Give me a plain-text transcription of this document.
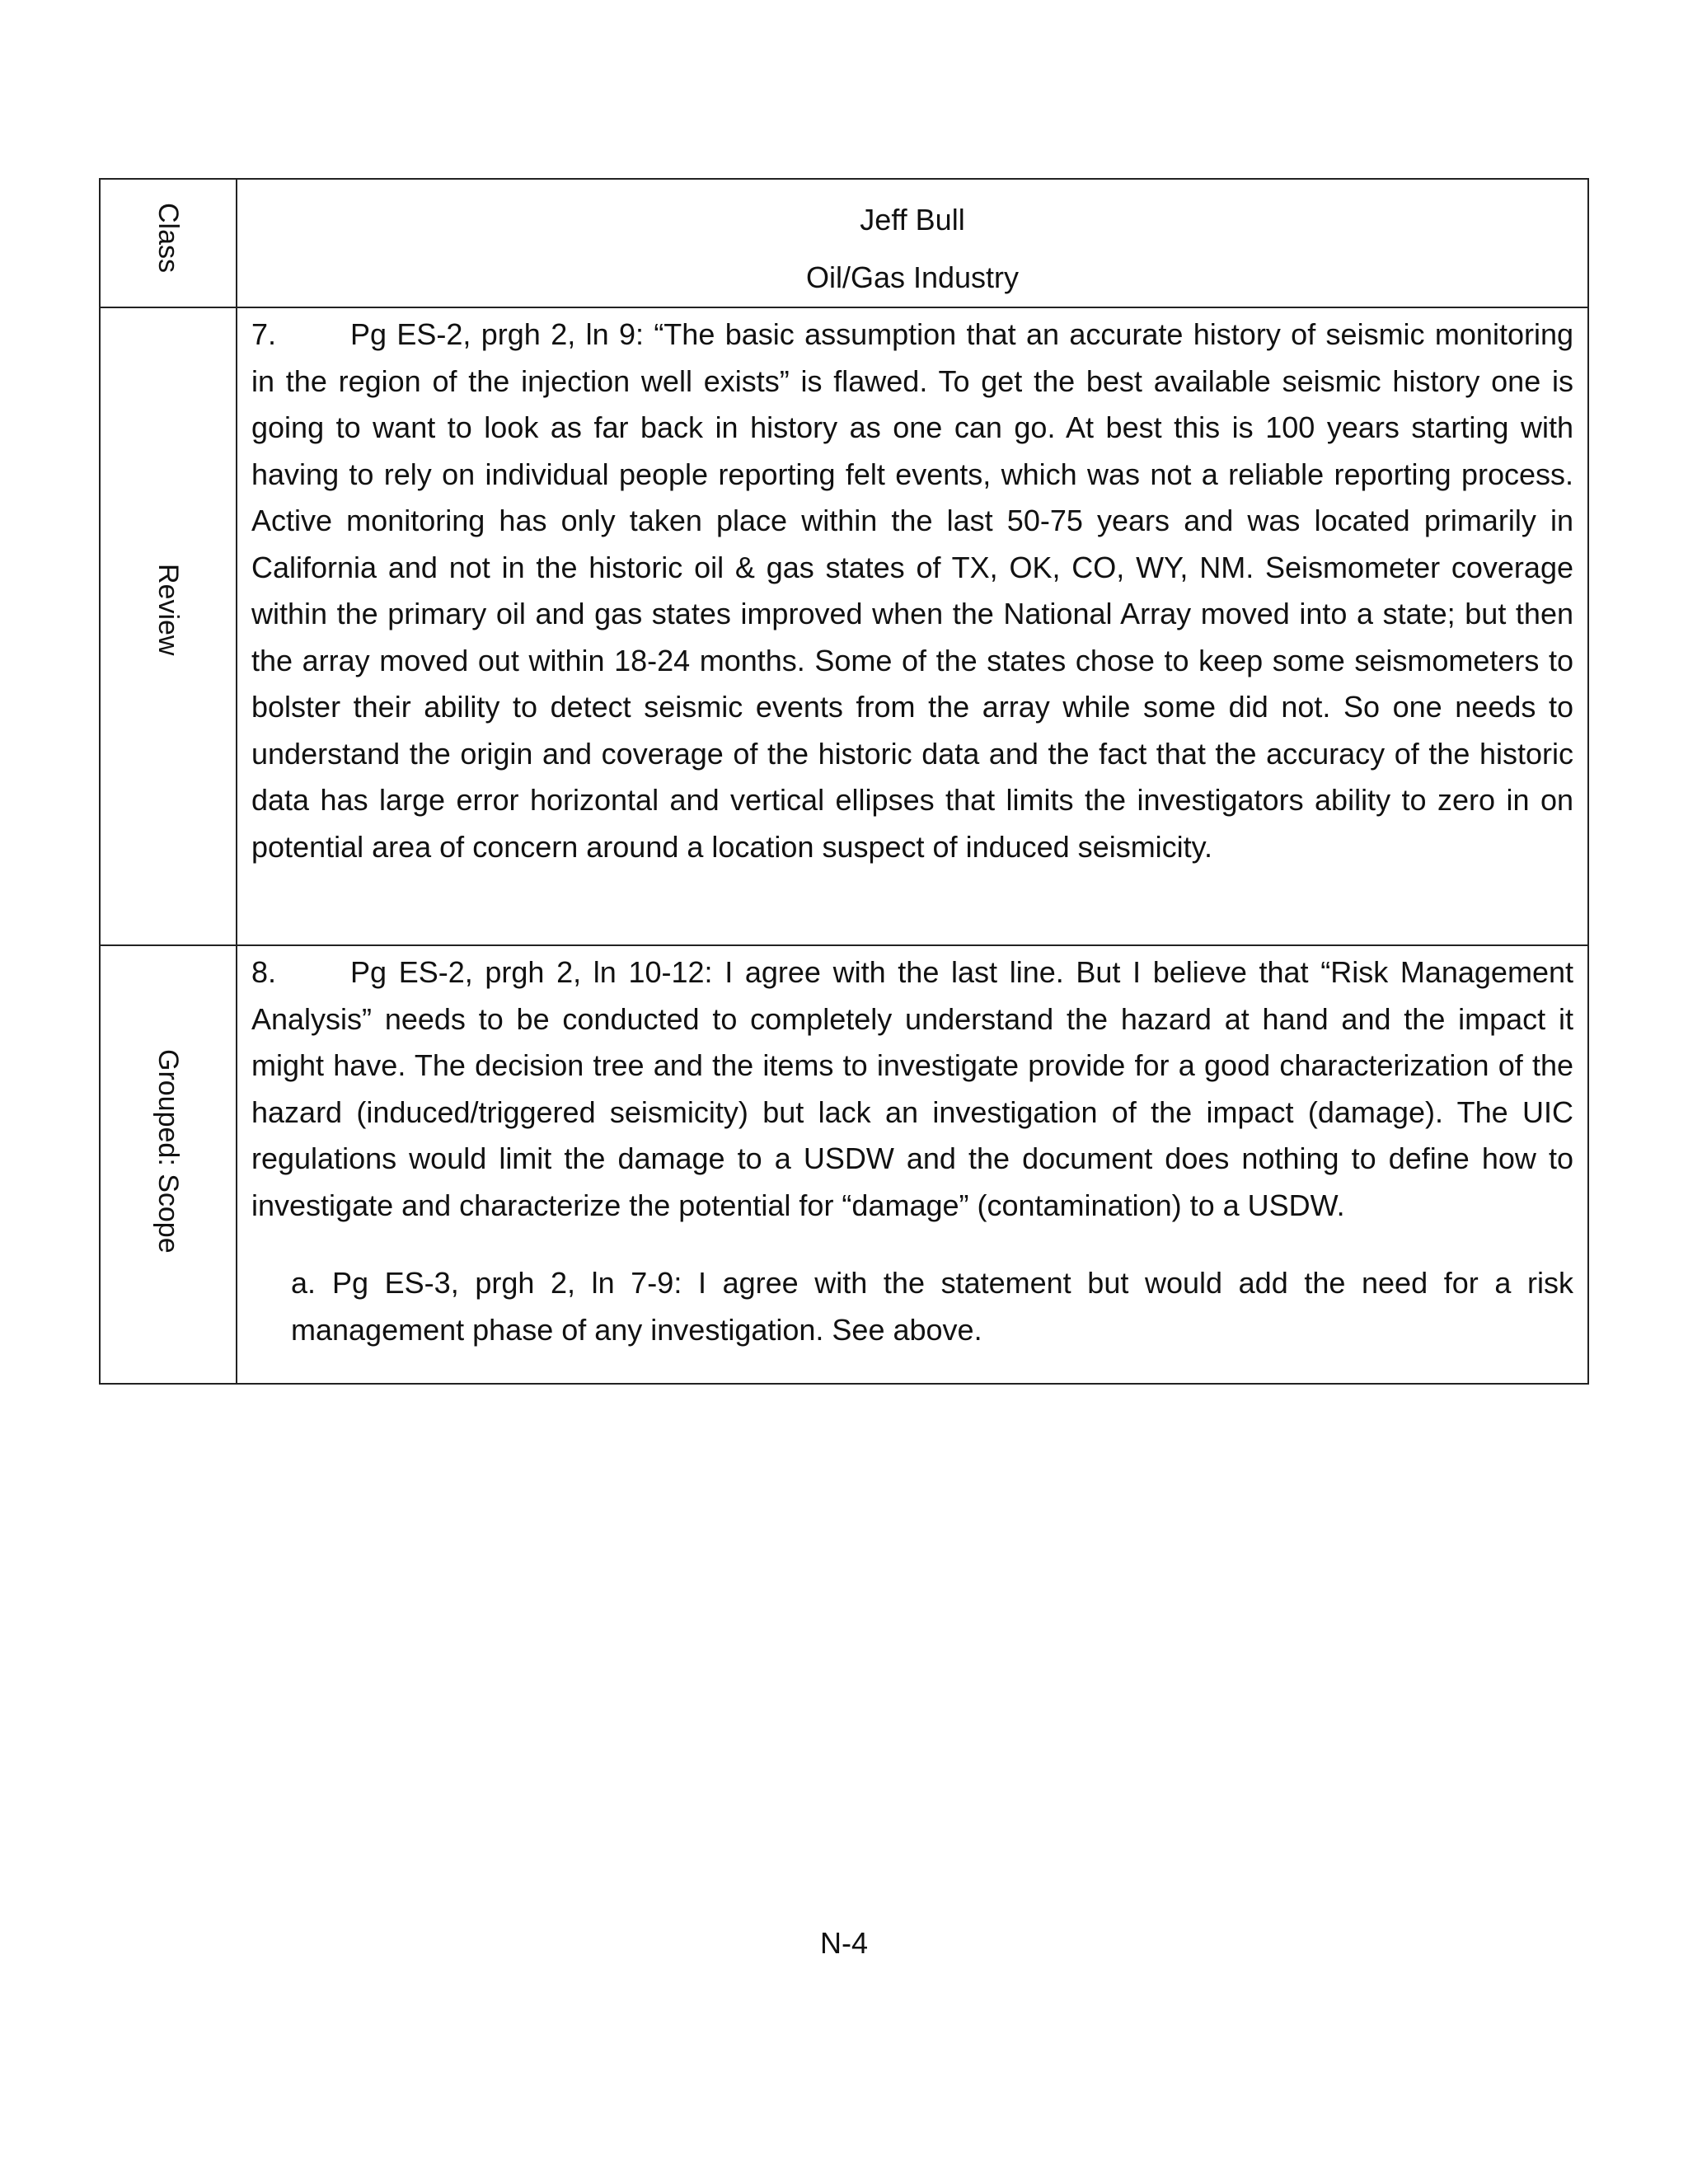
Class	Jeff Bull
Oil/Gas Industry

Review	7. Pg ES-2, prgh 2, ln 9: “The basic assumption that an accurate history of seismic monitoring in the region of the injection well exists” is flawed. To get the best available seismic history one is going to want to look as far back in history as one can go. At best this is 100 years starting with having to rely on individual people reporting felt events, which was not a reliable reporting process. Active monitoring has only taken place within the last 50-75 years and was located primarily in California and not in the historic oil & gas states of TX, OK, CO, WY, NM. Seismometer coverage within the primary oil and gas states improved when the National Array moved into a state; but then the array moved out within 18-24 months. Some of the states chose to keep some seismometers to bolster their ability to detect seismic events from the array while some did not. So one needs to understand the origin and coverage of the historic data and the fact that the accuracy of the historic data has large error horizontal and vertical ellipses that limits the investigators ability to zero in on potential area of concern around a location suspect of induced seismicity.

Grouped: Scope	8. Pg ES-2, prgh 2, ln 10-12: I agree with the last line. But I believe that “Risk Management Analysis” needs to be conducted to completely understand the hazard at hand and the impact it might have. The decision tree and the items to investigate provide for a good characterization of the hazard (induced/triggered seismicity) but lack an investigation of the impact (damage). The UIC regulations would limit the damage to a USDW and the document does nothing to define how to investigate and characterize the potential for “damage” (contamination) to a USDW.

a. Pg ES-3, prgh 2, ln 7-9: I agree with the statement but would add the need for a risk management phase of any investigation. See above.

N-4
